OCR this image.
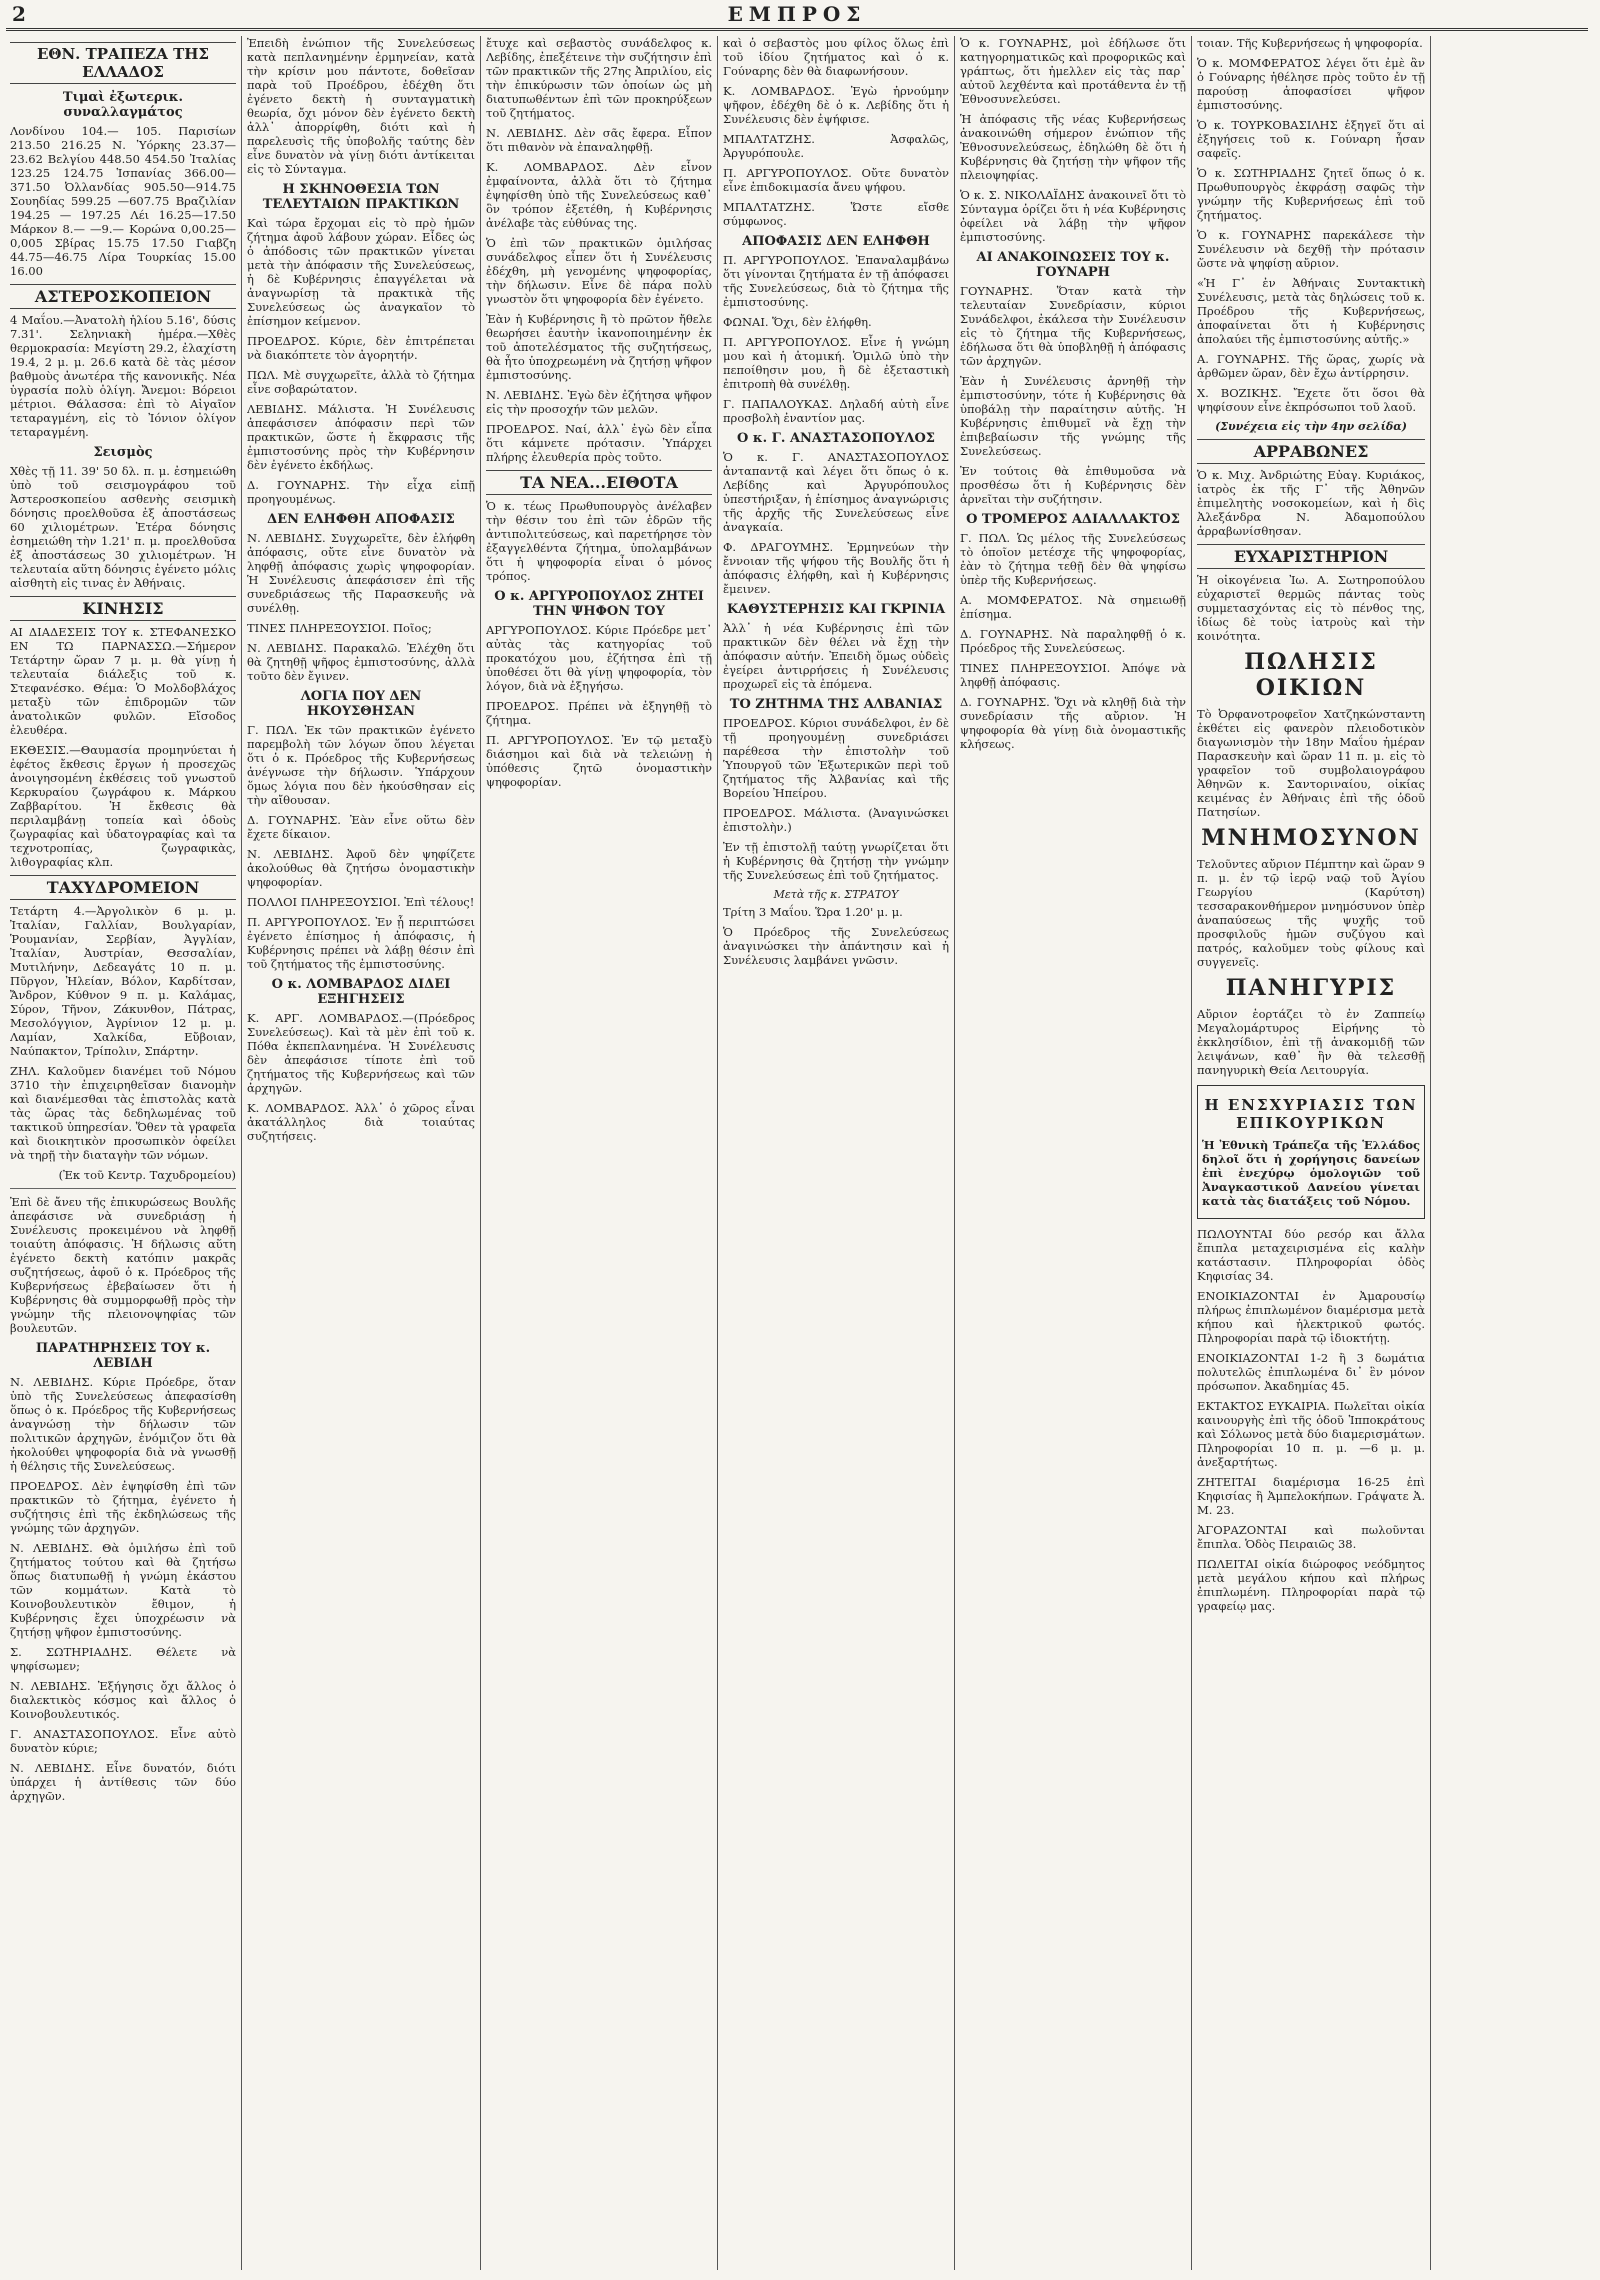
2	ΕΜΠΡΟΣ
ΕΘΝ. ΤΡΑΠΕΖΑ ΤΗΣ ΕΛΛΑΔΟΣ
Τιμαὶ ἐξωτερικ. συναλλαγμάτος

Λονδίνου 104.— 105. Παρισίων 213.50 216.25 Ν. Ὑόρκης 23.37—23.62 Βελγίου 448.50 454.50 Ἰταλίας 123.25 124.75 Ἱσπανίας 366.00—371.50 Ὀλλανδίας 905.50—914.75 Σουηδίας 599.25 —607.75 Βραζιλίαν 194.25 — 197.25 Λέι 16.25—17.50 Μάρκον 8.— —9.— Κορώνα 0,00.25—0,005 Σβίρας 15.75 17.50 Γιαβζη 44.75—46.75 Λίρα Τουρκίας 15.00 16.00

ΑΣΤΕΡΟΣΚΟΠΕΙΟΝ

4 Μαΐου.—Ἀνατολὴ ἡλίου 5.16', δύσις 7.31'. Σεληνιακὴ ἡμέρα.—Χθὲς θερμοκρασία: Μεγίστη 29.2, ἐλαχίστη 19.4, 2 μ. μ. 26.6 κατὰ δὲ τὰς μέσον βαθμοὺς ἀνωτέρα τῆς κανονικῆς. Νέα ὑγρασία πολὺ ὀλίγη. Ἄνεμοι: Βόρειοι μέτριοι. Θάλασσα: ἐπὶ τὸ Αἰγαῖον τεταραγμένη, εἰς τὸ Ἰόνιον ὀλίγον τεταραγμένη.

Σεισμὸς

Χθὲς τῇ 11. 39' 50 δλ. π. μ. ἐσημειώθη ὑπὸ τοῦ σεισμογράφου τοῦ Ἀστεροσκοπείου ασθενὴς σεισμικὴ δόνησις προελθοῦσα ἐξ ἀποστάσεως 60 χιλιομέτρων. Ἑτέρα δόνησις ἐσημειώθη τὴν 1.21' π. μ. προελθοῦσα ἐξ ἀποστάσεως 30 χιλιομέτρων. Ἡ τελευταία αὕτη δόνησις ἐγένετο μόλις αἰσθητὴ εἰς τινας ἐν Ἀθήναις.

ΚΙΝΗΣΙΣ

ΑΙ ΔΙΑΔΕΣΕΙΣ ΤΟΥ κ. ΣΤΕΦΑΝΕΣΚΟ ΕΝ ΤΩ ΠΑΡΝΑΣΣΩ.—Σήμερον Τετάρτην ὥραν 7 μ. μ. θὰ γίνῃ ἡ τελευταία διάλεξις τοῦ κ. Στεφανέσκο. Θέμα: Ὁ Μολδοβλάχος μεταξὺ τῶν ἐπιδρομῶν τῶν ἀνατολικῶν φυλῶν. Εἴσοδος ἐλευθέρα.

ΕΚΘΕΣΙΣ.—Θαυμασία προμηνύεται ἡ ἐφέτος ἔκθεσις ἔργων ἡ προσεχῶς ἀνοιγησομένη ἐκθέσεις τοῦ γνωστοῦ Κερκυραίου ζωγράφου κ. Μάρκου Ζαββαρίτου. Ἡ ἔκθεσις θὰ περιλαμβάνῃ τοπεία καὶ ὁδοὺς ζωγραφίας καὶ ὑδατογραφίας καὶ τα τεχνοτροπίας, ζωγραφικὰς, λιθογραφίας κλπ.

ΤΑΧΥΔΡΟΜΕΙΟΝ

Τετάρτη 4.—Ἀργολικὸν 6 μ. μ. Ἰταλίαν, Γαλλίαν, Βουλγαρίαν, Ῥουμανίαν, Σερβίαν, Ἀγγλίαν, Ἰταλίαν, Ἀυστρίαν, Θεσσαλίαν, Μυτιλήνην, Δεδεαγάτς 10 π. μ. Πῦργον, Ἠλείαν, Βόλον, Καρδίτσαν, Ἄνδρον, Κύθνον 9 π. μ. Καλάμας, Σύρον, Τῆνον, Ζάκυνθον, Πάτρας, Μεσολόγγιον, Ἀγρίνιον 12 μ. μ. Λαμίαν, Χαλκίδα, Εὔβοιαν, Ναύπακτον, Τρίπολιν, Σπάρτην.

ΖΗΛ. Καλοῦμεν διανέμει τοῦ Νόμου 3710 τὴν ἐπιχειρηθεῖσαν διανομὴν καὶ διανέμεσθαι τὰς ἐπιστολὰς κατὰ τὰς ὥρας τὰς δεδηλωμένας τοῦ τακτικοῦ ὑπηρεσίαν. Ὅθεν τὰ γραφεῖα καὶ διοικητικὸν προσωπικὸν ὀφείλει νὰ τηρῇ τὴν διαταγὴν τῶν νόμων.

(Ἐκ τοῦ Κεντρ. Ταχυδρομείου)

Ἐπὶ δὲ ἄνευ τῆς ἐπικυρώσεως Βουλῆς ἀπεφάσισε νὰ συνεδριάσῃ ἡ Συνέλευσις προκειμένου νὰ ληφθῇ τοιαύτη ἀπόφασις. Ἡ δήλωσις αὕτη ἐγένετο δεκτὴ κατόπιν μακρᾶς συζητήσεως, ἀφοῦ ὁ κ. Πρόεδρος τῆς Κυβερνήσεως ἐβεβαίωσεν ὅτι ἡ Κυβέρνησις θὰ συμμορφωθῇ πρὸς τὴν γνώμην τῆς πλειονοψηφίας τῶν βουλευτῶν.

ΠΑΡΑΤΗΡΗΣΕΙΣ ΤΟΥ κ. ΛΕΒΙΔΗ

Ν. ΛΕΒΙΔΗΣ. Κύριε Πρόεδρε, ὅταν ὑπὸ τῆς Συνελεύσεως ἀπεφασίσθη ὅπως ὁ κ. Πρόεδρος τῆς Κυβερνήσεως ἀναγνώσῃ τὴν δήλωσιν τῶν πολιτικῶν ἀρχηγῶν, ἐνόμιζον ὅτι θὰ ἠκολούθει ψηφοφορία διὰ νὰ γνωσθῇ ἡ θέλησις τῆς Συνελεύσεως.

ΠΡΟΕΔΡΟΣ. Δὲν ἐψηφίσθη ἐπὶ τῶν πρακτικῶν τὸ ζήτημα, ἐγένετο ἡ συζήτησις ἐπὶ τῆς ἐκδηλώσεως τῆς γνώμης τῶν ἀρχηγῶν.

Ν. ΛΕΒΙΔΗΣ. Θὰ ὁμιλήσω ἐπὶ τοῦ ζητήματος τούτου καὶ θὰ ζητήσω ὅπως διατυπωθῇ ἡ γνώμη ἑκάστου τῶν κομμάτων. Κατὰ τὸ Κοινοβουλευτικὸν ἔθιμον, ἡ Κυβέρνησις ἔχει ὑποχρέωσιν νὰ ζητήσῃ ψῆφον ἐμπιστοσύνης.

Σ. ΣΩΤΗΡΙΑΔΗΣ. Θέλετε νὰ ψηφίσωμεν;

Ν. ΛΕΒΙΔΗΣ. Ἐξήγησις ὄχι ἄλλος ὁ διαλεκτικὸς κόσμος καὶ ἄλλος ὁ Κοινοβουλευτικός.

Γ. ΑΝΑΣΤΑΣΟΠΟΥΛΟΣ. Εἶνε αὐτὸ δυνατὸν κύριε;

Ν. ΛΕΒΙΔΗΣ. Εἶνε δυνατόν, διότι ὑπάρχει ἡ ἀντίθεσις τῶν δύο ἀρχηγῶν.

Ἐπειδὴ ἐνώπιον τῆς Συνελεύσεως κατὰ πεπλανημένην ἑρμηνείαν, κατὰ τὴν κρίσιν μου πάντοτε, δοθεῖσαν παρὰ τοῦ Προέδρου, ἐδέχθη ὅτι ἐγένετο δεκτὴ ἡ συνταγματικὴ θεωρία, ὄχι μόνον δὲν ἐγένετο δεκτὴ ἀλλ᾽ ἀπορρίφθη, διότι καὶ ἡ παρελευσὶς τῆς ὑποβολῆς ταύτης δὲν εἶνε δυνατὸν νὰ γίνῃ διότι ἀντίκειται εἰς τὸ Σύνταγμα.

Η ΣΚΗΝΟΘΕΣΙΑ ΤΩΝ ΤΕΛΕΥΤΑΙΩΝ ΠΡΑΚΤΙΚΩΝ

Καὶ τώρα ἔρχομαι εἰς τὸ πρὸ ἡμῶν ζήτημα ἀφοῦ λάβουν χώραν. Εἶδες ὡς ὁ ἀπόδοσις τῶν πρακτικῶν γίνεται μετὰ τὴν ἀπόφασιν τῆς Συνελεύσεως, ἡ δὲ Κυβέρνησις ἐπαγγέλεται νὰ ἀναγνωρίσῃ τὰ πρακτικὰ τῆς Συνελεύσεως ὡς ἀναγκαῖον τὸ ἐπίσημον κείμενον.

ΠΡΟΕΔΡΟΣ. Κύριε, δὲν ἐπιτρέπεται νὰ διακόπτετε τὸν ἀγορητήν.

ΠΩΛ. Μὲ συγχωρεῖτε, ἀλλὰ τὸ ζήτημα εἶνε σοβαρώτατον.

ΛΕΒΙΔΗΣ. Μάλιστα. Ἡ Συνέλευσις ἀπεφάσισεν ἀπόφασιν περὶ τῶν πρακτικῶν, ὥστε ἡ ἔκφρασις τῆς ἐμπιστοσύνης πρὸς τὴν Κυβέρνησιν δὲν ἐγένετο ἐκδήλως.

Δ. ΓΟΥΝΑΡΗΣ. Τὴν εἶχα εἰπῇ προηγουμένως.

ΔΕΝ ΕΛΗΦΘΗ ΑΠΟΦΑΣΙΣ

Ν. ΛΕΒΙΔΗΣ. Συγχωρεῖτε, δὲν ἐλήφθη ἀπόφασις, οὔτε εἶνε δυνατὸν νὰ ληφθῇ ἀπόφασις χωρὶς ψηφοφορίαν. Ἡ Συνέλευσις ἀπεφάσισεν ἐπὶ τῆς συνεδριάσεως τῆς Παρασκευῆς νὰ συνέλθῃ.

ΤΙΝΕΣ ΠΛΗΡΕΞΟΥΣΙΟΙ. Ποῖος;

Ν. ΛΕΒΙΔΗΣ. Παρακαλῶ. Ἐλέχθη ὅτι θὰ ζητηθῇ ψῆφος ἐμπιστοσύνης, ἀλλὰ τοῦτο δὲν ἔγινεν.

ΛΟΓΙΑ ΠΟΥ ΔΕΝ ΗΚΟΥΣΘΗΣΑΝ

Γ. ΠΩΛ. Ἐκ τῶν πρακτικῶν ἐγένετο παρεμβολὴ τῶν λόγων ὅπου λέγεται ὅτι ὁ κ. Πρόεδρος τῆς Κυβερνήσεως ἀνέγνωσε τὴν δήλωσιν. Ὑπάρχουν ὅμως λόγια που δὲν ἠκούσθησαν εἰς τὴν αἴθουσαν.

Δ. ΓΟΥΝΑΡΗΣ. Ἐὰν εἶνε οὕτω δὲν ἔχετε δίκαιον.

Ν. ΛΕΒΙΔΗΣ. Ἀφοῦ δὲν ψηφίζετε ἀκολούθως θὰ ζητήσω ὀνομαστικὴν ψηφοφορίαν.

ΠΟΛΛΟΙ ΠΛΗΡΕΞΟΥΣΙΟΙ. Ἐπὶ τέλους!

Π. ΑΡΓΥΡΟΠΟΥΛΟΣ. Ἐν ᾗ περιπτώσει ἐγένετο ἐπίσημος ἡ ἀπόφασις, ἡ Κυβέρνησις πρέπει νὰ λάβῃ θέσιν ἐπὶ τοῦ ζητήματος τῆς ἐμπιστοσύνης.

Ο κ. ΛΟΜΒΑΡΔΟΣ ΔΙΔΕΙ ΕΞΗΓΗΣΕΙΣ

Κ. ΑΡΓ. ΛΟΜΒΑΡΔΟΣ.—(Πρόεδρος Συνελεύσεως). Καὶ τὰ μὲν ἐπὶ τοῦ κ. Πόθα ἐκπεπλανημένα. Ἡ Συνέλευσις δὲν ἀπεφάσισε τίποτε ἐπὶ τοῦ ζητήματος τῆς Κυβερνήσεως καὶ τῶν ἀρχηγῶν.

Κ. ΛΟΜΒΑΡΔΟΣ. Ἀλλ᾽ ὁ χῶρος εἶναι ἀκατάλληλος διὰ τοιαύτας συζητήσεις.

ἔτυχε καὶ σεβαστὸς συνάδελφος κ. Λεβίδης, ἐπεξέτεινε τὴν συζήτησιν ἐπὶ τῶν πρακτικῶν τῆς 27ης Ἀπριλίου, εἰς τὴν ἐπικύρωσιν τῶν ὁποίων ὡς μὴ διατυπωθέντων ἐπὶ τῶν προκηρύξεων τοῦ ζητήματος.

Ν. ΛΕΒΙΔΗΣ. Δὲν σᾶς ἔφερα. Εἶπον ὅτι πιθανὸν νὰ ἐπαναληφθῇ.

Κ. ΛΟΜΒΑΡΔΟΣ. Δὲν εἶνον ἐμφαίνοντα, ἀλλὰ ὅτι τὸ ζήτημα ἐψηφίσθη ὑπὸ τῆς Συνελεύσεως καθ᾽ ὃν τρόπον ἐξετέθη, ἡ Κυβέρνησις ἀνέλαβε τὰς εὐθύνας της.

Ὁ ἐπὶ τῶν πρακτικῶν ὁμιλήσας συνάδελφος εἶπεν ὅτι ἡ Συνέλευσις ἐδέχθη, μὴ γενομένης ψηφοφορίας, τὴν δήλωσιν. Εἶνε δὲ πάρα πολὺ γνωστὸν ὅτι ψηφοφορία δὲν ἐγένετο.

Ἐὰν ἡ Κυβέρνησις ἢ τὸ πρῶτον ἤθελε θεωρήσει ἑαυτὴν ἱκανοποιημένην ἐκ τοῦ ἀποτελέσματος τῆς συζητήσεως, θὰ ἦτο ὑποχρεωμένη νὰ ζητήσῃ ψῆφον ἐμπιστοσύνης.

Ν. ΛΕΒΙΔΗΣ. Ἐγὼ δὲν ἐζήτησα ψῆφον εἰς τὴν προσοχήν τῶν μελῶν.

ΠΡΟΕΔΡΟΣ. Ναί, ἀλλ᾽ ἐγὼ δὲν εἶπα ὅτι κάμνετε πρότασιν. Ὑπάρχει πλήρης ἐλευθερία πρὸς τοῦτο.

ΤΑ ΝΕΑ...ΕΙΘΟΤΑ

Ὁ κ. τέως Πρωθυπουργὸς ἀνέλαβεν τὴν θέσιν του ἐπὶ τῶν ἐδρῶν τῆς ἀντιπολιτεύσεως, καὶ παρετήρησε τὸν ἐξαγγελθέντα ζήτημα, ὑπολαμβάνων ὅτι ἡ ψηφοφορία εἶναι ὁ μόνος τρόπος.

Ο κ. ΑΡΓΥΡΟΠΟΥΛΟΣ ΖΗΤΕΙ ΤΗΝ ΨΗΦΟΝ ΤΟΥ

ΑΡΓΥΡΟΠΟΥΛΟΣ. Κύριε Πρόεδρε μετ᾽ αὐτὰς τὰς κατηγορίας τοῦ προκατόχου μου, ἐζήτησα ἐπὶ τῇ ὑποθέσει ὅτι θὰ γίνῃ ψηφοφορία, τὸν λόγον, διὰ νὰ ἐξηγήσω.

ΠΡΟΕΔΡΟΣ. Πρέπει νὰ ἐξηγηθῇ τὸ ζήτημα.

Π. ΑΡΓΥΡΟΠΟΥΛΟΣ. Ἐν τῷ μεταξὺ διάσημοι καὶ διὰ νὰ τελειώνῃ ἡ ὑπόθεσις ζητῶ ὀνομαστικὴν ψηφοφορίαν.

καὶ ὁ σεβαστὸς μου φίλος ὅλως ἐπὶ τοῦ ἰδίου ζητήματος καὶ ὁ κ. Γούναρης δὲν θὰ διαφωνήσουν.

Κ. ΛΟΜΒΑΡΔΟΣ. Ἐγὼ ἠρνούμην ψῆφον, ἐδέχθη δὲ ὁ κ. Λεβίδης ὅτι ἡ Συνέλευσις δὲν ἐψήφισε.

ΜΠΑΛΤΑΤΖΗΣ. Ἀσφαλῶς, Ἀργυρόπουλε.

Π. ΑΡΓΥΡΟΠΟΥΛΟΣ. Οὔτε δυνατὸν εἶνε ἐπιδοκιμασία ἄνευ ψήφου.

ΜΠΑΛΤΑΤΖΗΣ. Ὥστε εἴσθε σύμφωνος.

ΑΠΟΦΑΣΙΣ ΔΕΝ ΕΛΗΦΘΗ

Π. ΑΡΓΥΡΟΠΟΥΛΟΣ. Ἐπαναλαμβάνω ὅτι γίνονται ζητήματα ἐν τῇ ἀπόφασει τῆς Συνελεύσεως, διὰ τὸ ζήτημα τῆς ἐμπιστοσύνης.

ΦΩΝΑΙ. Ὅχι, δὲν ἐλήφθη.

Π. ΑΡΓΥΡΟΠΟΥΛΟΣ. Εἶνε ἡ γνώμη μου καὶ ἡ ἀτομική. Ὁμιλῶ ὑπὸ τὴν πεποίθησιν μου, ἢ δὲ ἐξεταστικὴ ἐπιτροπὴ θὰ συνέλθῃ.

Γ. ΠΑΠΑΛΟΥΚΑΣ. Δηλαδή αὐτὴ εἶνε προσβολὴ ἐναντίον μας.

Ο κ. Γ. ΑΝΑΣΤΑΣΟΠΟΥΛΟΣ

Ὁ κ. Γ. ΑΝΑΣΤΑΣΟΠΟΥΛΟΣ ἀνταπαντᾷ καὶ λέγει ὅτι ὅπως ὁ κ. Λεβίδης καὶ Ἀργυρόπουλος ὑπεστήριξαν, ἡ ἐπίσημος ἀναγνώρισις τῆς ἀρχῆς τῆς Συνελεύσεως εἶνε ἀναγκαία.

Φ. ΔΡΑΓΟΥΜΗΣ. Ἐρμηνεύων τὴν ἔννοιαν τῆς ψήφου τῆς Βουλῆς ὅτι ἡ ἀπόφασις ἐλήφθη, καὶ ἡ Κυβέρνησις ἔμεινεν.

ΚΑΘΥΣΤΕΡΗΣΙΣ ΚΑΙ ΓΚΡΙΝΙΑ

Ἀλλ᾽ ἡ νέα Κυβέρνησις ἐπὶ τῶν πρακτικῶν δὲν θέλει νὰ ἔχῃ τὴν ἀπόφασιν αὐτήν. Ἐπειδὴ ὅμως οὐδεὶς ἐγείρει ἀντιρρήσεις ἡ Συνέλευσις προχωρεῖ εἰς τὰ ἐπόμενα.

ΤΟ ΖΗΤΗΜΑ ΤΗΣ ΑΛΒΑΝΙΑΣ

ΠΡΟΕΔΡΟΣ. Κύριοι συνάδελφοι, ἐν δὲ τῇ προηγουμένῃ συνεδριάσει παρέθεσα τὴν ἐπιστολὴν τοῦ Ὑπουργοῦ τῶν Ἐξωτερικῶν περὶ τοῦ ζητήματος τῆς Ἀλβανίας καὶ τῆς Βορείου Ἠπείρου.

ΠΡΟΕΔΡΟΣ. Μάλιστα. (Ἀναγινώσκει ἐπιστολὴν.)

Ἐν τῇ ἐπιστολῇ ταύτῃ γνωρίζεται ὅτι ἡ Κυβέρνησις θὰ ζητήσῃ τὴν γνώμην τῆς Συνελεύσεως ἐπὶ τοῦ ζητήματος.

Μετὰ τῆς κ. ΣΤΡΑΤΟΥ

Τρίτη 3 Μαΐου. Ὥρα 1.20' μ. μ.

Ὁ Πρόεδρος τῆς Συνελεύσεως ἀναγινώσκει τὴν ἀπάντησιν καὶ ἡ Συνέλευσις λαμβάνει γνῶσιν.

Ὁ κ. ΓΟΥΝΑΡΗΣ, μοὶ ἐδήλωσε ὅτι κατηγορηματικῶς καὶ προφορικῶς καὶ γράπτως, ὅτι ἠμελλεν εἰς τὰς παρ᾽ αὐτοῦ λεχθέντα καὶ προτάθεντα ἐν τῇ Ἐθνοσυνελεύσει.

Ἡ ἀπόφασις τῆς νέας Κυβερνήσεως ἀνακοινώθη σήμερον ἐνώπιον τῆς Ἐθνοσυνελεύσεως, ἐδηλώθη δὲ ὅτι ἡ Κυβέρνησις θὰ ζητήσῃ τὴν ψῆφον τῆς πλειοψηφίας.

Ὁ κ. Σ. ΝΙΚΟΛΑΪΔΗΣ ἀνακοινεῖ ὅτι τὸ Σύνταγμα ὁρίζει ὅτι ἡ νέα Κυβέρνησις ὀφείλει νὰ λάβῃ τὴν ψῆφον ἐμπιστοσύνης.

ΑΙ ΑΝΑΚΟΙΝΩΣΕΙΣ ΤΟΥ κ. ΓΟΥΝΑΡΗ

ΓΟΥΝΑΡΗΣ. Ὅταν κατὰ τὴν τελευταίαν Συνεδρίασιν, κύριοι Συνάδελφοι, ἐκάλεσα τὴν Συνέλευσιν εἰς τὸ ζήτημα τῆς Κυβερνήσεως, ἐδήλωσα ὅτι θὰ ὑποβληθῇ ἡ ἀπόφασις τῶν ἀρχηγῶν.

Ἐὰν ἡ Συνέλευσις ἀρνηθῇ τὴν ἐμπιστοσύνην, τότε ἡ Κυβέρνησις θὰ ὑποβάλῃ τὴν παραίτησιν αὐτῆς. Ἡ Κυβέρνησις ἐπιθυμεῖ νὰ ἔχῃ τὴν ἐπιβεβαίωσιν τῆς γνώμης τῆς Συνελεύσεως.

Ἐν τούτοις θὰ ἐπιθυμοῦσα νὰ προσθέσω ὅτι ἡ Κυβέρνησις δὲν ἀρνεῖται τὴν συζήτησιν.

Ο ΤΡΟΜΕΡΟΣ ΑΔΙΑΛΛΑΚΤΟΣ

Γ. ΠΩΛ. Ὡς μέλος τῆς Συνελεύσεως τὸ ὁποῖον μετέσχε τῆς ψηφοφορίας, ἐὰν τὸ ζήτημα τεθῇ δὲν θὰ ψηφίσω ὑπὲρ τῆς Κυβερνήσεως.

Α. ΜΟΜΦΕΡΑΤΟΣ. Νὰ σημειωθῇ ἐπίσημα.

Δ. ΓΟΥΝΑΡΗΣ. Νὰ παραληφθῇ ὁ κ. Πρόεδρος τῆς Συνελεύσεως.

ΤΙΝΕΣ ΠΛΗΡΕΞΟΥΣΙΟΙ. Ἀπόψε νὰ ληφθῇ ἀπόφασις.

Δ. ΓΟΥΝΑΡΗΣ. Ὅχι νὰ κληθῇ διὰ τὴν συνεδρίασιν τῆς αὔριον. Ἡ ψηφοφορία θὰ γίνῃ διὰ ὀνομαστικῆς κλήσεως.

τοιαν. Τῆς Κυβερνήσεως ἡ ψηφοφορία.

Ὁ κ. ΜΟΜΦΕΡΑΤΟΣ λέγει ὅτι ἐμὲ ἂν ὁ Γούναρης ἠθέλησε πρὸς τοῦτο ἐν τῇ παρούσῃ ἀποφασίσει ψῆφον ἐμπιστοσύνης.

Ὁ κ. ΤΟΥΡΚΟΒΑΣΙΛΗΣ ἐξηγεῖ ὅτι αἱ ἐξηγήσεις τοῦ κ. Γούναρη ἦσαν σαφεῖς.

Ὁ κ. ΣΩΤΗΡΙΑΔΗΣ ζητεῖ ὅπως ὁ κ. Πρωθυπουργὸς ἐκφράσῃ σαφῶς τὴν γνώμην τῆς Κυβερνήσεως ἐπὶ τοῦ ζητήματος.

Ὁ κ. ΓΟΥΝΑΡΗΣ παρεκάλεσε τὴν Συνέλευσιν νὰ δεχθῇ τὴν πρότασιν ὥστε νὰ ψηφίσῃ αὔριον.

«Ἡ Γ᾽ ἐν Ἀθήναις Συντακτικὴ Συνέλευσις, μετὰ τὰς δηλώσεις τοῦ κ. Προέδρου τῆς Κυβερνήσεως, ἀποφαίνεται ὅτι ἡ Κυβέρνησις ἀπολαύει τῆς ἐμπιστοσύνης αὐτῆς.»

Α. ΓΟΥΝΑΡΗΣ. Τῆς ὥρας, χωρίς νὰ ἀρθῶμεν ὥραν, δὲν ἔχω ἀντίρρησιν.

Χ. ΒΟΖΙΚΗΣ. Ἔχετε ὅτι ὅσοι θὰ ψηφίσουν εἶνε ἐκπρόσωποι τοῦ λαοῦ.

(Συνέχεια εἰς τὴν 4ην σελίδα)

ΑΡΡΑΒΩΝΕΣ

Ὁ κ. Μιχ. Ἀνδριώτης Εὐαγ. Κυριάκος, ἰατρὸς ἐκ τῆς Γ᾽ τῆς Ἀθηνῶν ἐπιμελητὴς νοσοκομείων, καὶ ἡ δὶς Ἀλεξάνδρα Ν. Ἀδαμοπούλου ἀρραβωνίσθησαν.

ΕΥΧΑΡΙΣΤΗΡΙΟΝ

Ἡ οἰκογένεια Ἰω. Α. Σωτηροπούλου εὐχαριστεῖ θερμῶς πάντας τοὺς συμμετασχόντας εἰς τὸ πένθος της, ἰδίως δὲ τοὺς ἰατροὺς καὶ τὴν κοινότητα.

ΠΩΛΗΣΙΣ ΟΙΚΙΩΝ

Τὸ Ὀρφανοτροφεῖον Χατζηκώνσταντη ἐκθέτει εἰς φανερὸν πλειοδοτικὸν διαγωνισμὸν τὴν 18ην Μαΐου ἡμέραν Παρασκευὴν καὶ ὥραν 11 π. μ. εἰς τὸ γραφεῖον τοῦ συμβολαιογράφου Ἀθηνῶν κ. Σαντοριναίου, οἰκίας κειμένας ἐν Ἀθήναις ἐπὶ τῆς ὁδοῦ Πατησίων.

ΜΝΗΜΟΣΥΝΟΝ

Τελοῦντες αὔριον Πέμπτην καὶ ὥραν 9 π. μ. ἐν τῷ ἱερῷ ναῷ τοῦ Ἁγίου Γεωργίου (Καρύτση) τεσσαρακονθήμερον μνημόσυνον ὑπὲρ ἀναπαύσεως τῆς ψυχῆς τοῦ προσφιλοῦς ἡμῶν συζύγου καὶ πατρός, καλοῦμεν τοὺς φίλους καὶ συγγενεῖς.

ΠΑΝΗΓΥΡΙΣ

Αὔριον ἑορτάζει τὸ ἐν Ζαππείῳ Μεγαλομάρτυρος Εἰρήνης τὸ ἐκκλησίδιον, ἐπὶ τῇ ἀνακομιδῇ τῶν λειψάνων, καθ᾽ ἣν θὰ τελεσθῇ πανηγυρικὴ Θεία Λειτουργία.

Η ΕΝΣΧΥΡΙΑΣΙΣ ΤΩΝ ΕΠΙΚΟΥΡΙΚΩΝ

Ἡ Ἐθνικὴ Τράπεζα τῆς Ἑλλάδος δηλοῖ ὅτι ἡ χορήγησις δανείων ἐπὶ ἐνεχύρῳ ὁμολογιῶν τοῦ Ἀναγκαστικοῦ Δανείου γίνεται κατὰ τὰς διατάξεις τοῦ Νόμου.

ΠΩΛΟΥΝΤΑΙ δύο ρεσόρ και ἄλλα ἔπιπλα μεταχειρισμένα εἰς καλὴν κατάστασιν. Πληροφορίαι ὁδὸς Κηφισίας 34.

ΕΝΟΙΚΙΑΖΟΝΤΑΙ ἐν Ἀμαρουσίῳ πλήρως ἐπιπλωμένον διαμέρισμα μετὰ κήπου καὶ ἡλεκτρικοῦ φωτός. Πληροφορίαι παρὰ τῷ ἰδιοκτήτῃ.

ΕΝΟΙΚΙΑΖΟΝΤΑΙ 1-2 ἢ 3 δωμάτια πολυτελῶς ἐπιπλωμένα δι᾽ ἓν μόνον πρόσωπον. Ἀκαδημίας 45.

ΕΚΤΑΚΤΟΣ ΕΥΚΑΙΡΙΑ. Πωλεῖται οἰκία καινουργὴς ἐπὶ τῆς ὁδοῦ Ἱπποκράτους καὶ Σόλωνος μετὰ δύο διαμερισμάτων. Πληροφορίαι 10 π. μ. —6 μ. μ. ἀνεξαρτήτως.

ΖΗΤΕΙΤΑΙ διαμέρισμα 16-25 ἐπὶ Κηφισίας ἢ Ἀμπελοκήπων. Γράψατε Ἀ. Μ. 23.

ἈΓΟΡΑΖΟΝΤΑΙ καὶ πωλοῦνται ἔπιπλα. Ὁδὸς Πειραιῶς 38.

ΠΩΛΕΙΤΑΙ οἰκία διώροφος νεόδμητος μετὰ μεγάλου κήπου καὶ πλήρως ἐπιπλωμένη. Πληροφορίαι παρὰ τῷ γραφείῳ μας.
